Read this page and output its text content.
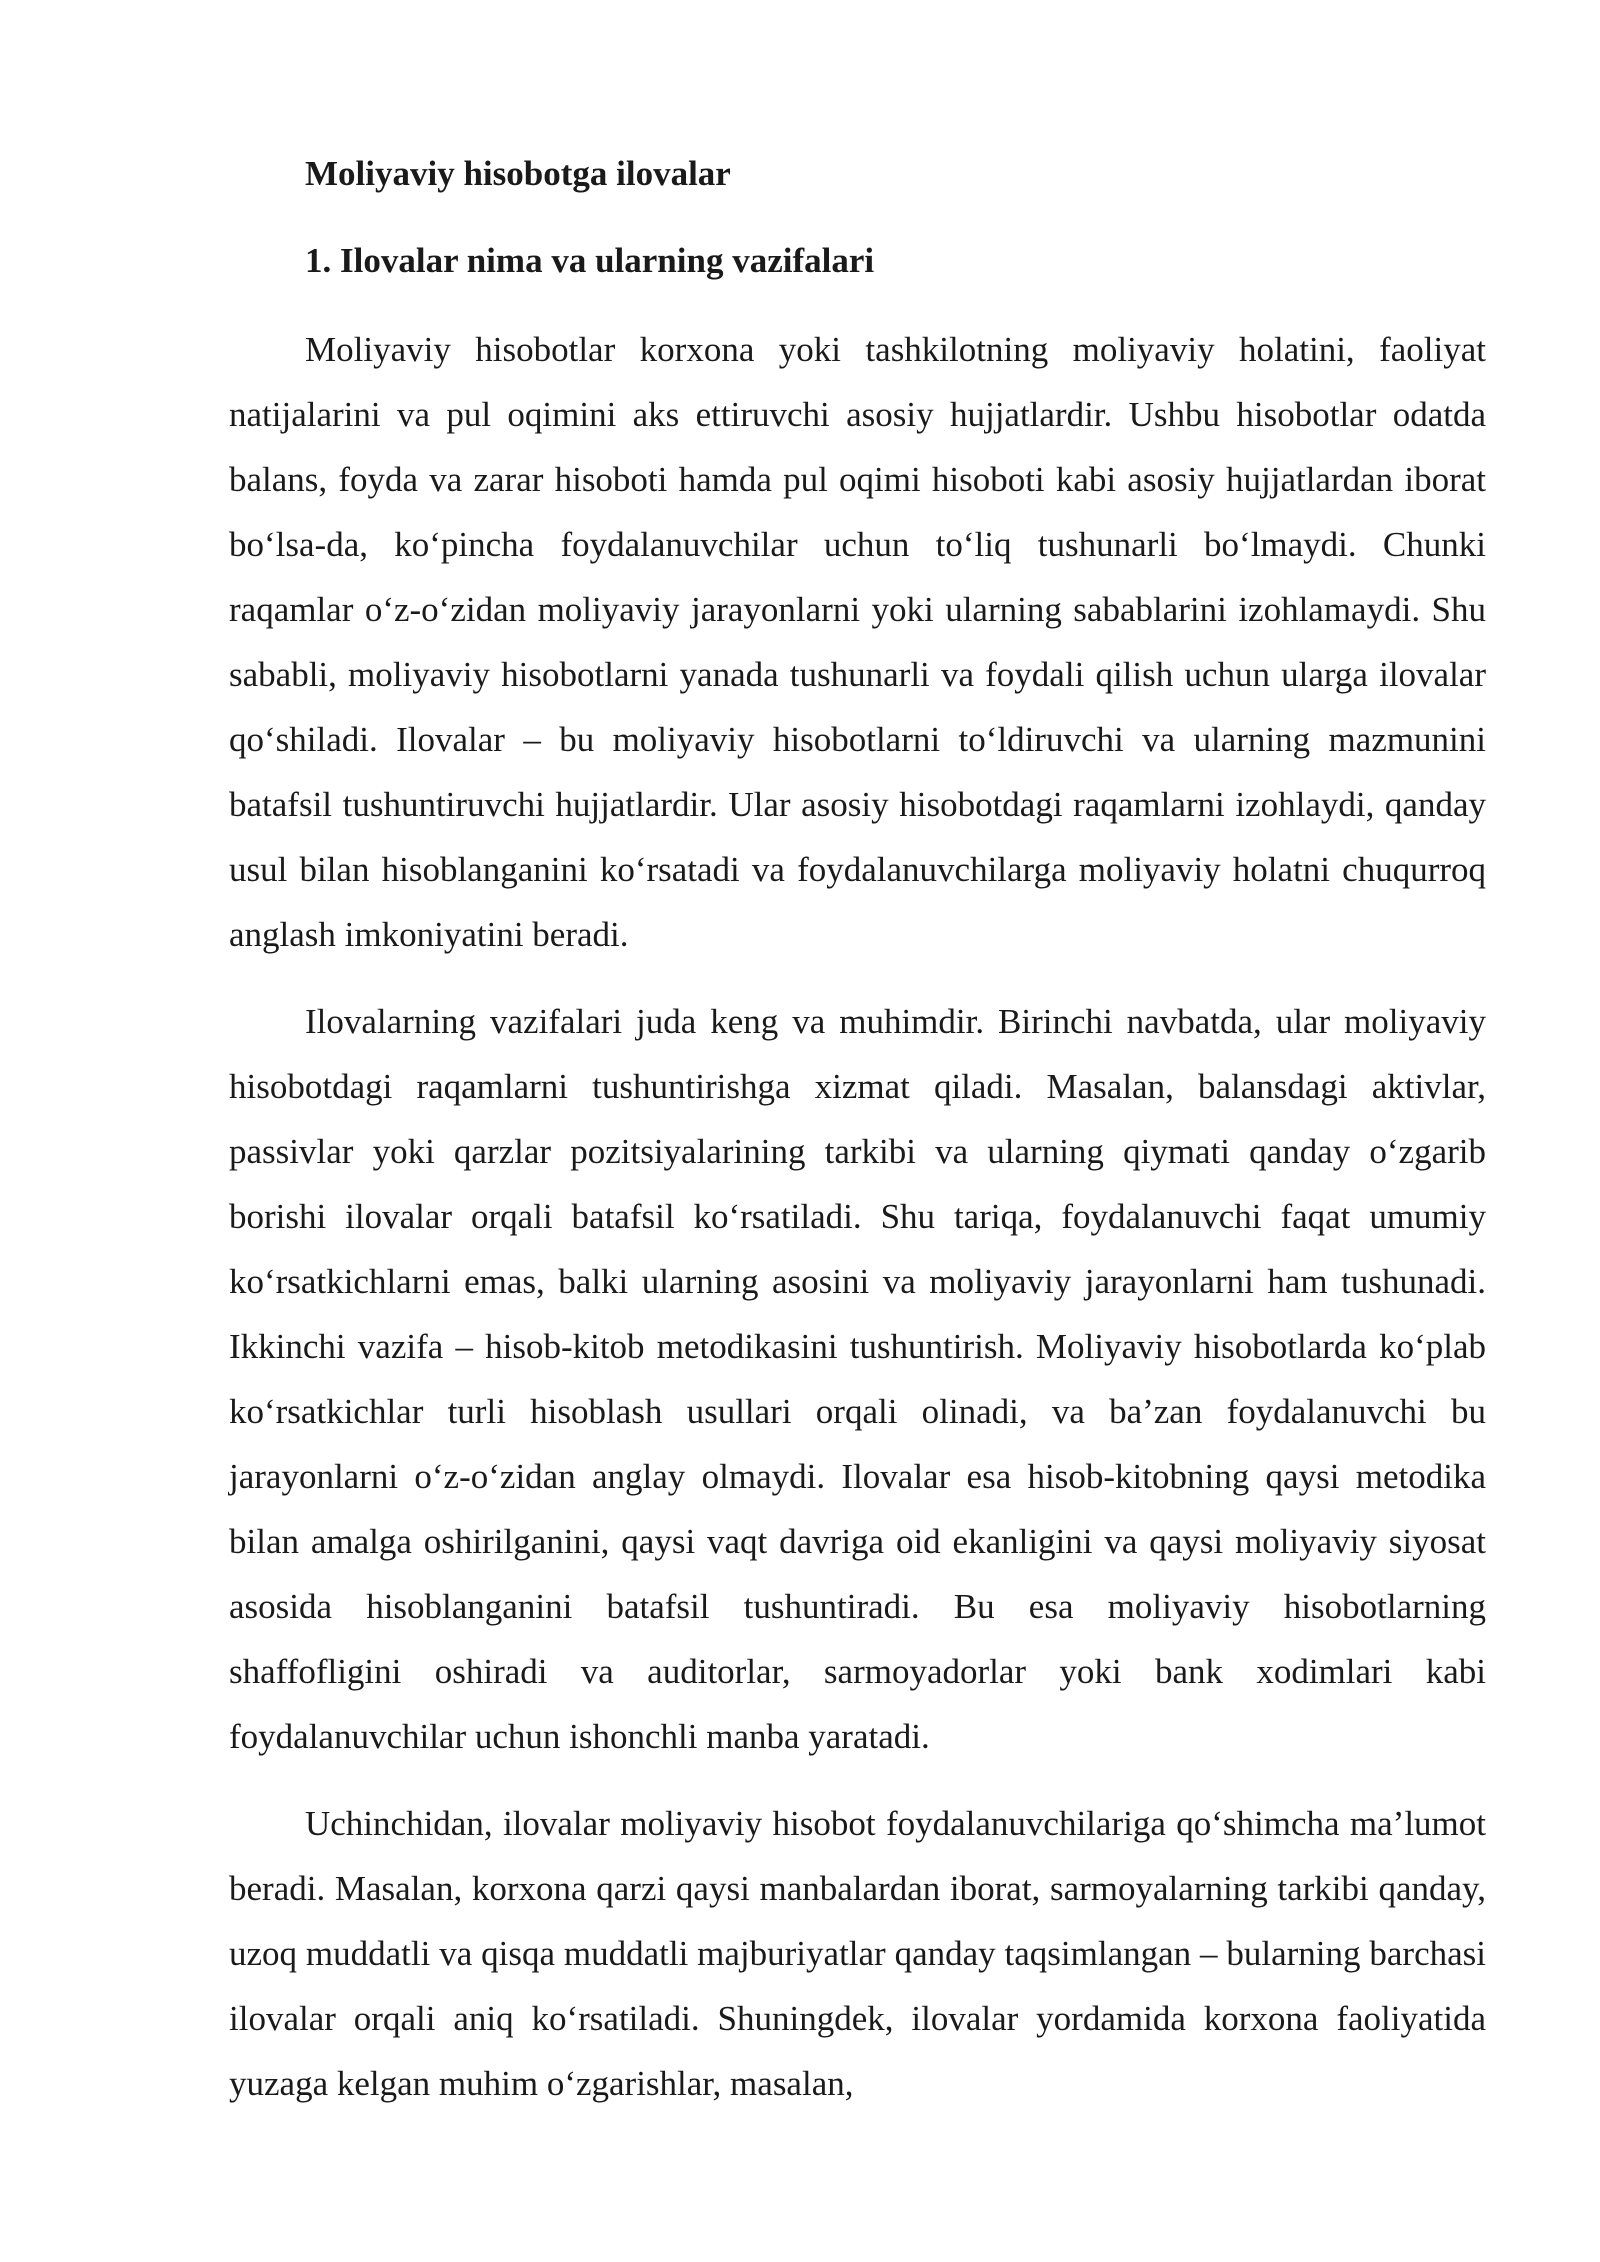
Moliyaviy hisobotga ilovalar

1. Ilovalar nima va ularning vazifalari

Moliyaviy hisobotlar korxona yoki tashkilotning moliyaviy holatini, faoliyat natijalarini va pul oqimini aks ettiruvchi asosiy hujjatlardir. Ushbu hisobotlar odatda balans, foyda va zarar hisoboti hamda pul oqimi hisoboti kabi asosiy hujjatlardan iborat bo‘lsa-da, ko‘pincha foydalanuvchilar uchun to‘liq tushunarli bo‘lmaydi. Chunki raqamlar o‘z-o‘zidan moliyaviy jarayonlarni yoki ularning sabablarini izohlamaydi. Shu sababli, moliyaviy hisobotlarni yanada tushunarli va foydali qilish uchun ularga ilovalar qo‘shiladi. Ilovalar – bu moliyaviy hisobotlarni to‘ldiruvchi va ularning mazmunini batafsil tushuntiruvchi hujjatlardir. Ular asosiy hisobotdagi raqamlarni izohlaydi, qanday usul bilan hisoblanganini ko‘rsatadi va foydalanuvchilarga moliyaviy holatni chuqurroq anglash imkoniyatini beradi.

Ilovalarning vazifalari juda keng va muhimdir. Birinchi navbatda, ular moliyaviy hisobotdagi raqamlarni tushuntirishga xizmat qiladi. Masalan, balansdagi aktivlar, passivlar yoki qarzlar pozitsiyalarining tarkibi va ularning qiymati qanday o‘zgarib borishi ilovalar orqali batafsil ko‘rsatiladi. Shu tariqa, foydalanuvchi faqat umumiy ko‘rsatkichlarni emas, balki ularning asosini va moliyaviy jarayonlarni ham tushunadi. Ikkinchi vazifa – hisob-kitob metodikasini tushuntirish. Moliyaviy hisobotlarda ko‘plab ko‘rsatkichlar turli hisoblash usullari orqali olinadi, va ba’zan foydalanuvchi bu jarayonlarni o‘z-o‘zidan anglay olmaydi. Ilovalar esa hisob-kitobning qaysi metodika bilan amalga oshirilganini, qaysi vaqt davriga oid ekanligini va qaysi moliyaviy siyosat asosida hisoblanganini batafsil tushuntiradi. Bu esa moliyaviy hisobotlarning shaffofligini oshiradi va auditorlar, sarmoyadorlar yoki bank xodimlari kabi foydalanuvchilar uchun ishonchli manba yaratadi.

Uchinchidan, ilovalar moliyaviy hisobot foydalanuvchilariga qo‘shimcha ma’lumot beradi. Masalan, korxona qarzi qaysi manbalardan iborat, sarmoyalarning tarkibi qanday, uzoq muddatli va qisqa muddatli majburiyatlar qanday taqsimlangan – bularning barchasi ilovalar orqali aniq ko‘rsatiladi. Shuningdek, ilovalar yordamida korxona faoliyatida yuzaga kelgan muhim o‘zgarishlar, masalan,
